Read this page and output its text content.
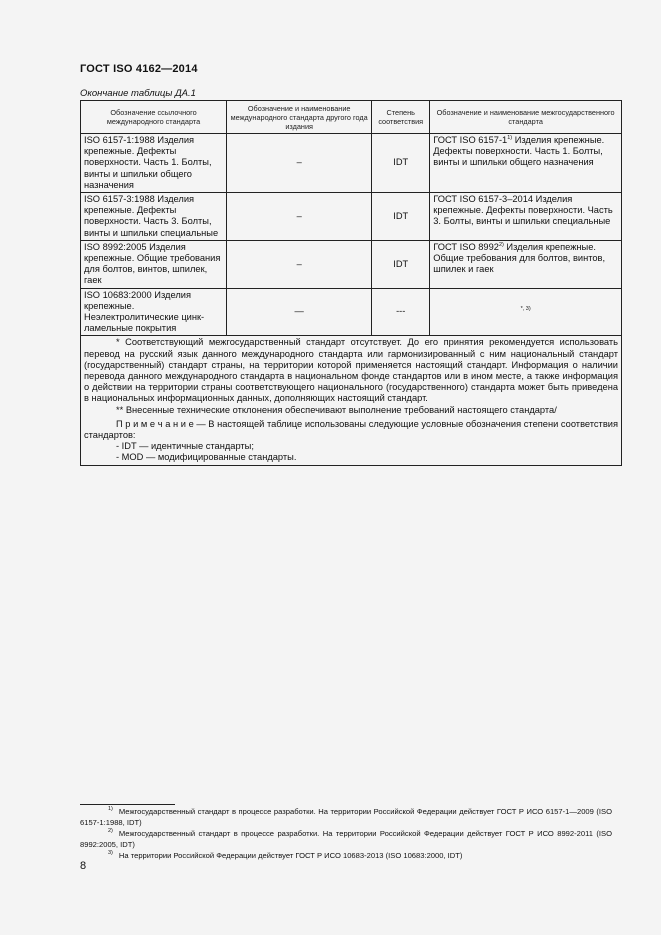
ГОСТ ISO 4162—2014
Окончание таблицы ДА.1
Обозначение ссылочного международного стандарта	Обозначение и наименование международного стандарта другого года издания	Степень соответствия	Обозначение и наименование межгосударственного стандарта
ISO 6157-1:1988 Изделия крепежные. Дефекты поверхности. Часть 1. Болты, винты и шпильки общего назначения	–	IDT	ГОСТ ISO 6157-1$^{1)}$ Изделия крепежные. Дефекты поверхности. Часть 1. Болты, винты и шпильки общего назначения
ISO 6157-3:1988 Изделия крепежные. Дефекты поверхности. Часть 3. Болты, винты и шпильки специальные	–	IDT	ГОСТ ISO 6157-3–2014 Изделия крепежные. Дефекты поверхности. Часть 3. Болты, винты и шпильки специальные
ISO 8992:2005 Изделия крепежные. Общие требования для болтов, винтов, шпилек, гаек	–	IDT	ГОСТ ISO 8992$^{2)}$ Изделия крепежные. Общие требования для болтов, винтов, шпилек и гаек
ISO 10683:2000 Изделия крепежные. Неэлектролитические цинк-ламельные покрытия	—	---	$^{*, 3)}$

* Соответствующий межгосударственный стандарт отсутствует. До его принятия рекомендуется использовать перевод на русский язык данного международного стандарта или гармонизированный с ним национальный стандарт (государственный) стандарт страны, на территории которой применяется настоящий стандарт. Информация о наличии перевода данного международного стандарта в национальном фонде стандартов или в ином месте, а также информация о действии на территории страны соответствующего национального (государственного) стандарта может быть приведена в национальных информационных данных, дополняющих настоящий стандарт.
** Внесенные технические отклонения обеспечивают выполнение требований настоящего стандарта/
П р и м е ч а н и е — В настоящей таблице использованы следующие условные обозначения степени соответствия стандартов:
- IDT — идентичные стандарты;
- MOD — модифицированные стандарты.			
$^{1)}$ Межгосударственный стандарт в процессе разработки. На территории Российской Федерации действует ГОСТ Р ИСО 6157-1—2009 (ISO 6157-1:1988, IDT)
$^{2)}$ Межгосударственный стандарт в процессе разработки. На территории Российской Федерации действует ГОСТ Р ИСО 8992-2011 (ISO 8992:2005, IDT)
$^{3)}$ На территории Российской Федерации действует ГОСТ Р ИСО 10683-2013 (ISO 10683:2000, IDT)
8
